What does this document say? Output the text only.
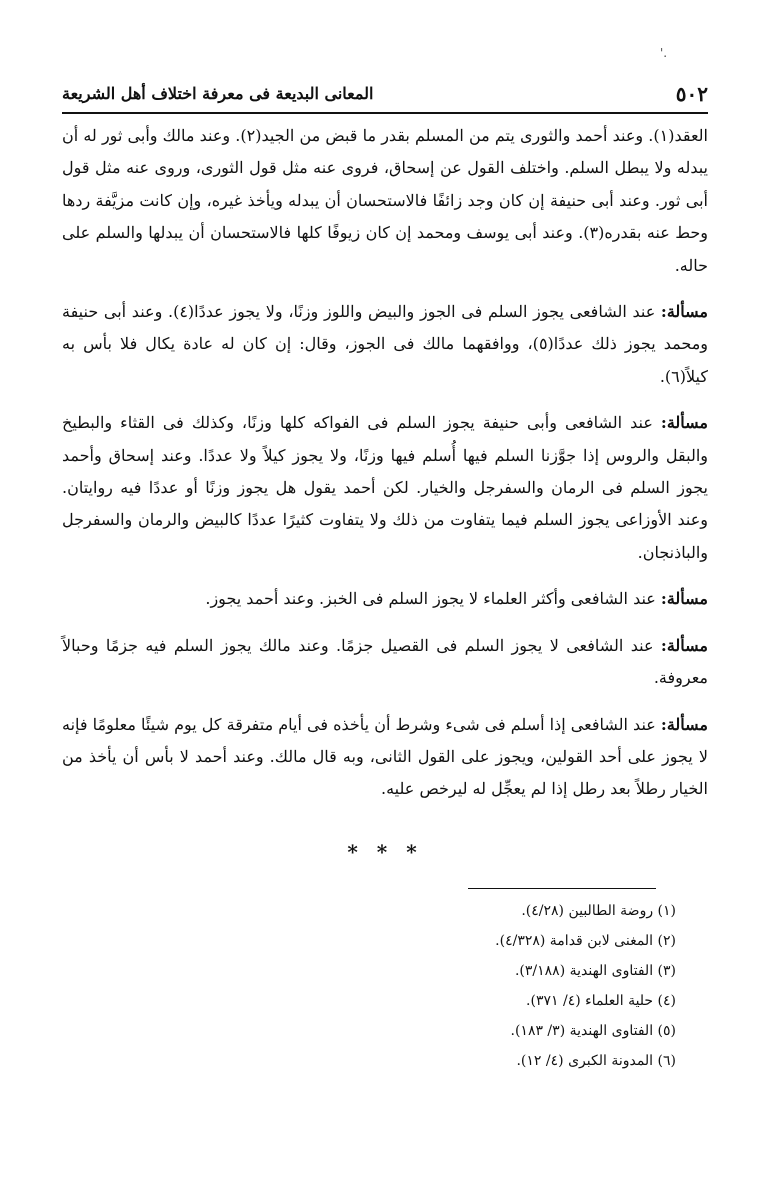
'.
٥٠٢
المعانى البديعة فى معرفة اختلاف أهل الشريعة

العقد(١). وعند أحمد والثورى يتم من المسلم بقدر ما قبض من الجيد(٢). وعند مالك وأبى ثور له أن يبدله ولا يبطل السلم. واختلف القول عن إسحاق، فروى عنه مثل قول الثورى، وروى عنه مثل قول أبى ثور. وعند أبى حنيفة إن كان وجد زائفًا فالاستحسان أن يبدله ويأخذ غيره، وإن كانت مزيَّفة ردها وحط عنه بقدره(٣). وعند أبى يوسف ومحمد إن كان زيوفًا كلها فالاستحسان أن يبدلها والسلم على حاله.

مسألة: عند الشافعى يجوز السلم فى الجوز والبيض واللوز وزنًا، ولا يجوز عددًا(٤). وعند أبى حنيفة ومحمد يجوز ذلك عددًا(٥)، ووافقهما مالك فى الجوز، وقال: إن كان له عادة يكال فلا بأس به كيلاً(٦).

مسألة: عند الشافعى وأبى حنيفة يجوز السلم فى الفواكه كلها وزنًا، وكذلك فى القثاء والبطيخ والبقل والروس إذا جوَّزنا السلم فيها أُسلم فيها وزنًا، ولا يجوز كيلاً ولا عددًا. وعند إسحاق وأحمد يجوز السلم فى الرمان والسفرجل والخيار. لكن أحمد يقول هل يجوز وزنًا أو عددًا فيه روايتان. وعند الأوزاعى يجوز السلم فيما يتفاوت من ذلك ولا يتفاوت كثيرًا عددًا كالبيض والرمان والسفرجل والباذنجان.

مسألة: عند الشافعى وأكثر العلماء لا يجوز السلم فى الخبز. وعند أحمد يجوز.

مسألة: عند الشافعى لا يجوز السلم فى القصيل جزمًا. وعند مالك يجوز السلم فيه جزمًا وحبالاً معروفة.

مسألة: عند الشافعى إذا أسلم فى شىء وشرط أن يأخذه فى أيام متفرقة كل يوم شيئًا معلومًا فإنه لا يجوز على أحد القولين، ويجوز على القول الثانى، وبه قال مالك. وعند أحمد لا بأس أن يأخذ من الخيار رطلاً بعد رطل إذا لم يعجِّل له ليرخص عليه.

* * *

(١) روضة الطالبين (٤/٢٨).

(٢) المغنى لابن قدامة (٤/٣٢٨).

(٣) الفتاوى الهندية (٣/١٨٨).

(٤) حلية العلماء (٤/ ٣٧١).

(٥) الفتاوى الهندية (٣/ ١٨٣).

(٦) المدونة الكبرى (٤/ ١٢).
